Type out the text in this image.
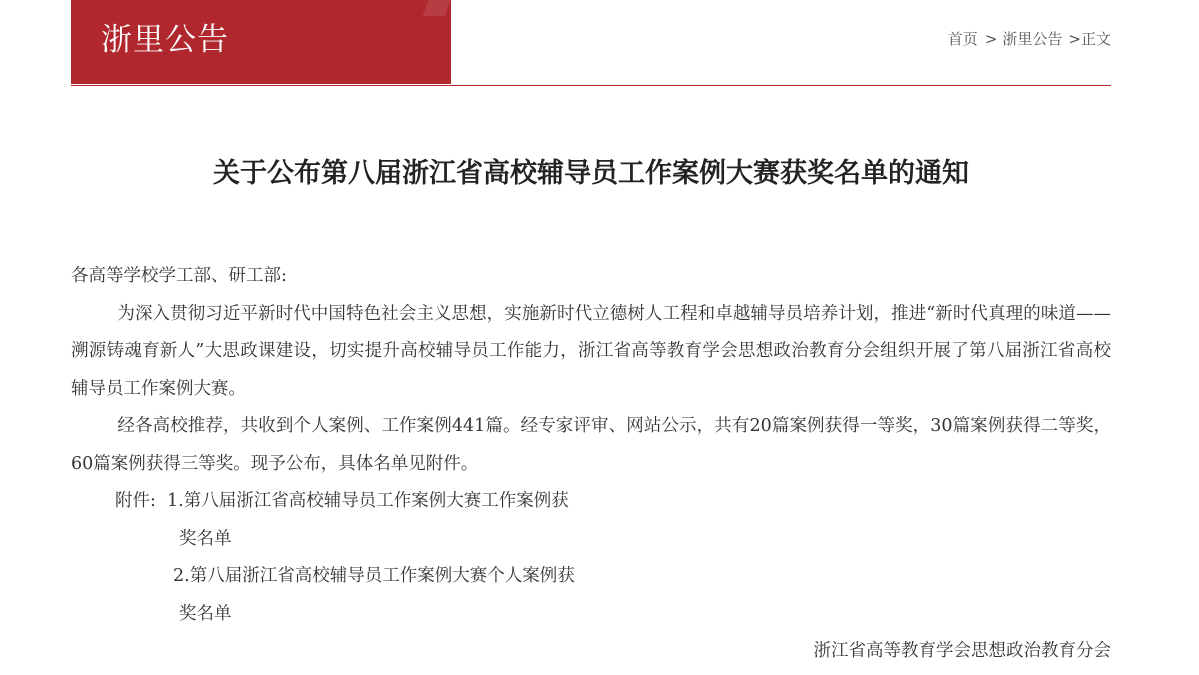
浙里公告	首页 > 浙里公告 >正文
关于公布第八届浙江省高校辅导员工作案例大赛获奖名单的通知

各高等学校学工部、研工部:

为深入贯彻习近平新时代中国特色社会主义思想，实施新时代立德树人工程和卓越辅导员培养计划，推进“新时代真理的味道——溯源铸魂育新人”大思政课建设，切实提升高校辅导员工作能力，浙江省高等教育学会思想政治教育分会组织开展了第八届浙江省高校辅导员工作案例大赛。

经各高校推荐，共收到个人案例、工作案例441篇。经专家评审、网站公示，共有20篇案例获得一等奖，30篇案例获得二等奖，60篇案例获得三等奖。现予公布，具体名单见附件。

附件: 1.第八届浙江省高校辅导员工作案例大赛工作案例获

奖名单

2.第八届浙江省高校辅导员工作案例大赛个人案例获

奖名单

浙江省高等教育学会思想政治教育分会
